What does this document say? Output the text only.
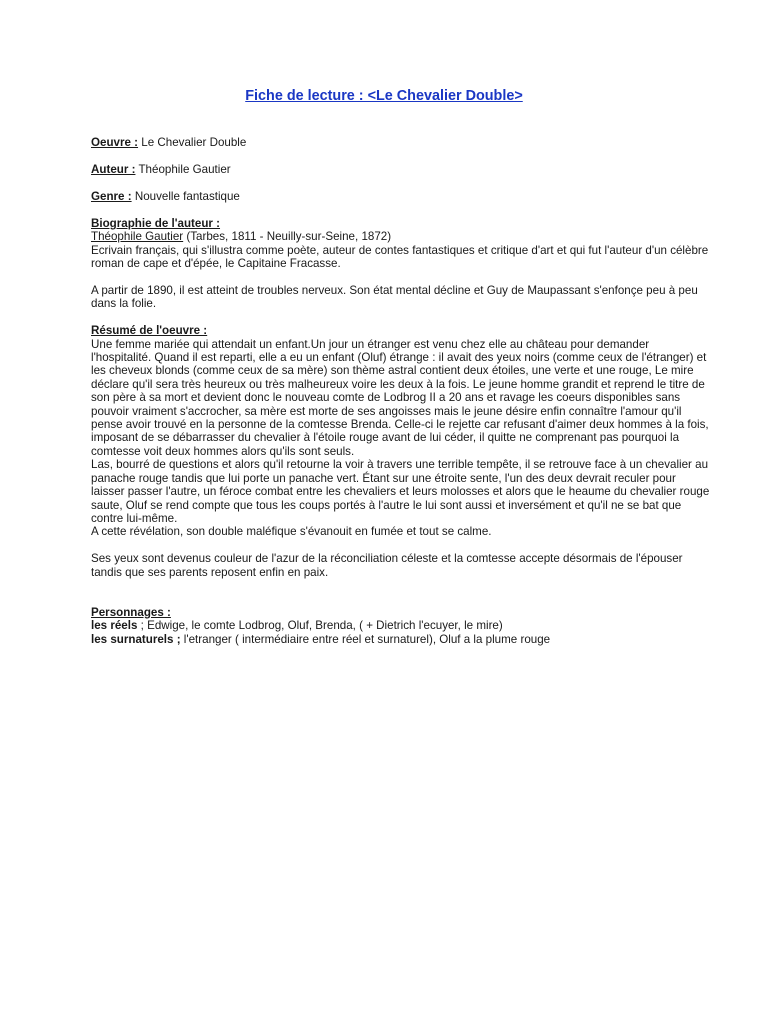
Fiche de lecture : <Le Chevalier Double>
Oeuvre : Le Chevalier Double
Auteur : Théophile Gautier
Genre : Nouvelle fantastique
Biographie de l'auteur :
Théophile Gautier (Tarbes, 1811 - Neuilly-sur-Seine, 1872)
Ecrivain français, qui s'illustra comme poète, auteur de contes fantastiques et critique d'art et qui fut l'auteur d'un célèbre roman de cape et d'épée, le Capitaine Fracasse.
A partir de 1890, il est atteint de troubles nerveux. Son état mental décline et Guy de Maupassant s'enfonçe peu à peu dans la folie.
Résumé de l'oeuvre :
Une femme mariée qui attendait un enfant.Un jour un étranger est venu chez elle au château pour demander l'hospitalité. Quand il est reparti, elle a eu un enfant (Oluf) étrange : il avait des yeux noirs (comme ceux de l'étranger) et les cheveux blonds (comme ceux de sa mère) son thème astral contient deux étoiles, une verte et une rouge, Le mire déclare qu'il sera très heureux ou très malheureux voire les deux à la fois. Le jeune homme grandit et reprend le titre de son père à sa mort et devient donc le nouveau comte de Lodbrog II a 20 ans et ravage les coeurs disponibles sans pouvoir vraiment s'accrocher, sa mère est morte de ses angoisses mais le jeune désire enfin connaître l'amour qu'il pense avoir trouvé en la personne de la comtesse Brenda. Celle-ci le rejette car refusant d'aimer deux hommes à la fois, imposant de se débarrasser du chevalier à l'étoile rouge avant de lui céder, il quitte ne comprenant pas pourquoi la comtesse voit deux hommes alors qu'ils sont seuls.
Las, bourré de questions et alors qu'il retourne la voir à travers une terrible tempête, il se retrouve face à un chevalier au panache rouge tandis que lui porte un panache vert. Étant sur une étroite sente, l'un des deux devrait reculer pour laisser passer l'autre, un féroce combat entre les chevaliers et leurs molosses et alors que le heaume du chevalier rouge saute, Oluf se rend compte que tous les coups portés à l'autre le lui sont aussi et inversément et qu'il ne se bat que contre lui-même.
A cette révélation, son double maléfique s'évanouit en fumée et tout se calme.
Ses yeux sont devenus couleur de l'azur de la réconciliation céleste et la comtesse accepte désormais de l'épouser tandis que ses parents reposent enfin en paix.
Personnages :
les réels ; Edwige, le comte Lodbrog, Oluf, Brenda, ( + Dietrich l'ecuyer, le mire)
les surnaturels ; l'etranger ( intermédiaire entre réel et surnaturel), Oluf a la plume rouge
